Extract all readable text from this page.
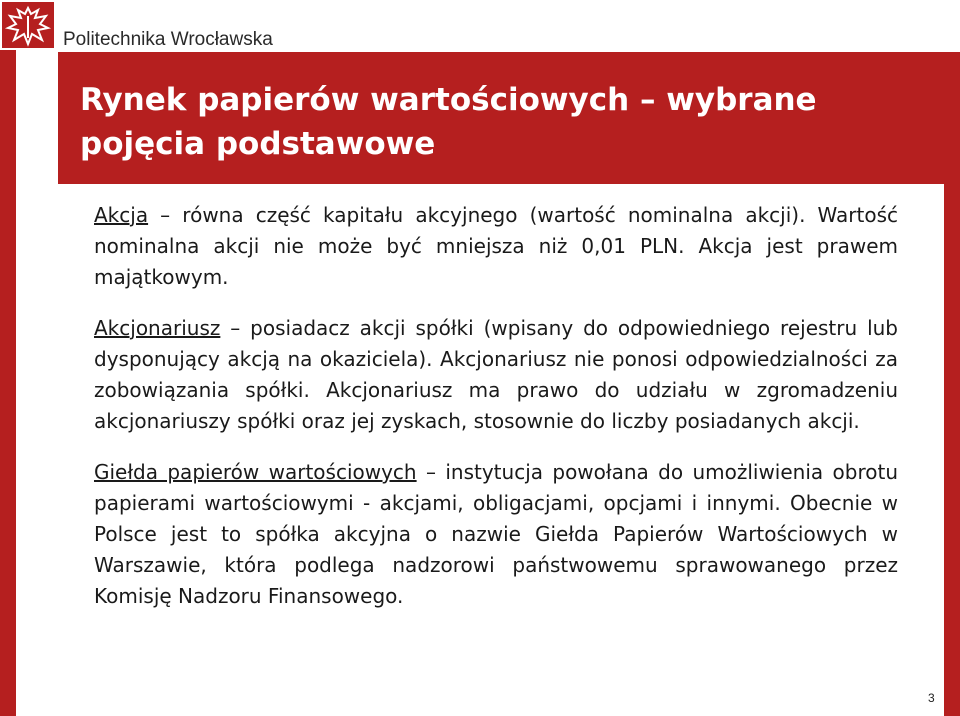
Politechnika Wrocławska
Rynek papierów wartościowych – wybrane pojęcia podstawowe

Akcja – równa część kapitału akcyjnego (wartość nominalna akcji). Wartość nominalna akcji nie może być mniejsza niż 0,01 PLN. Akcja jest prawem majątkowym.

Akcjonariusz – posiadacz akcji spółki (wpisany do odpowiedniego rejestru lub dysponujący akcją na okaziciela). Akcjonariusz nie ponosi odpowiedzialności za zobowiązania spółki. Akcjonariusz ma prawo do udziału w zgromadzeniu akcjonariuszy spółki oraz jej zyskach, stosownie do liczby posiadanych akcji.

Giełda papierów wartościowych – instytucja powołana do umożliwienia obrotu papierami wartościowymi - akcjami, obligacjami, opcjami i innymi. Obecnie w Polsce jest to spółka akcyjna o nazwie Giełda Papierów Wartościowych w Warszawie, która podlega nadzorowi państwowemu sprawowanego przez Komisję Nadzoru Finansowego.

3
